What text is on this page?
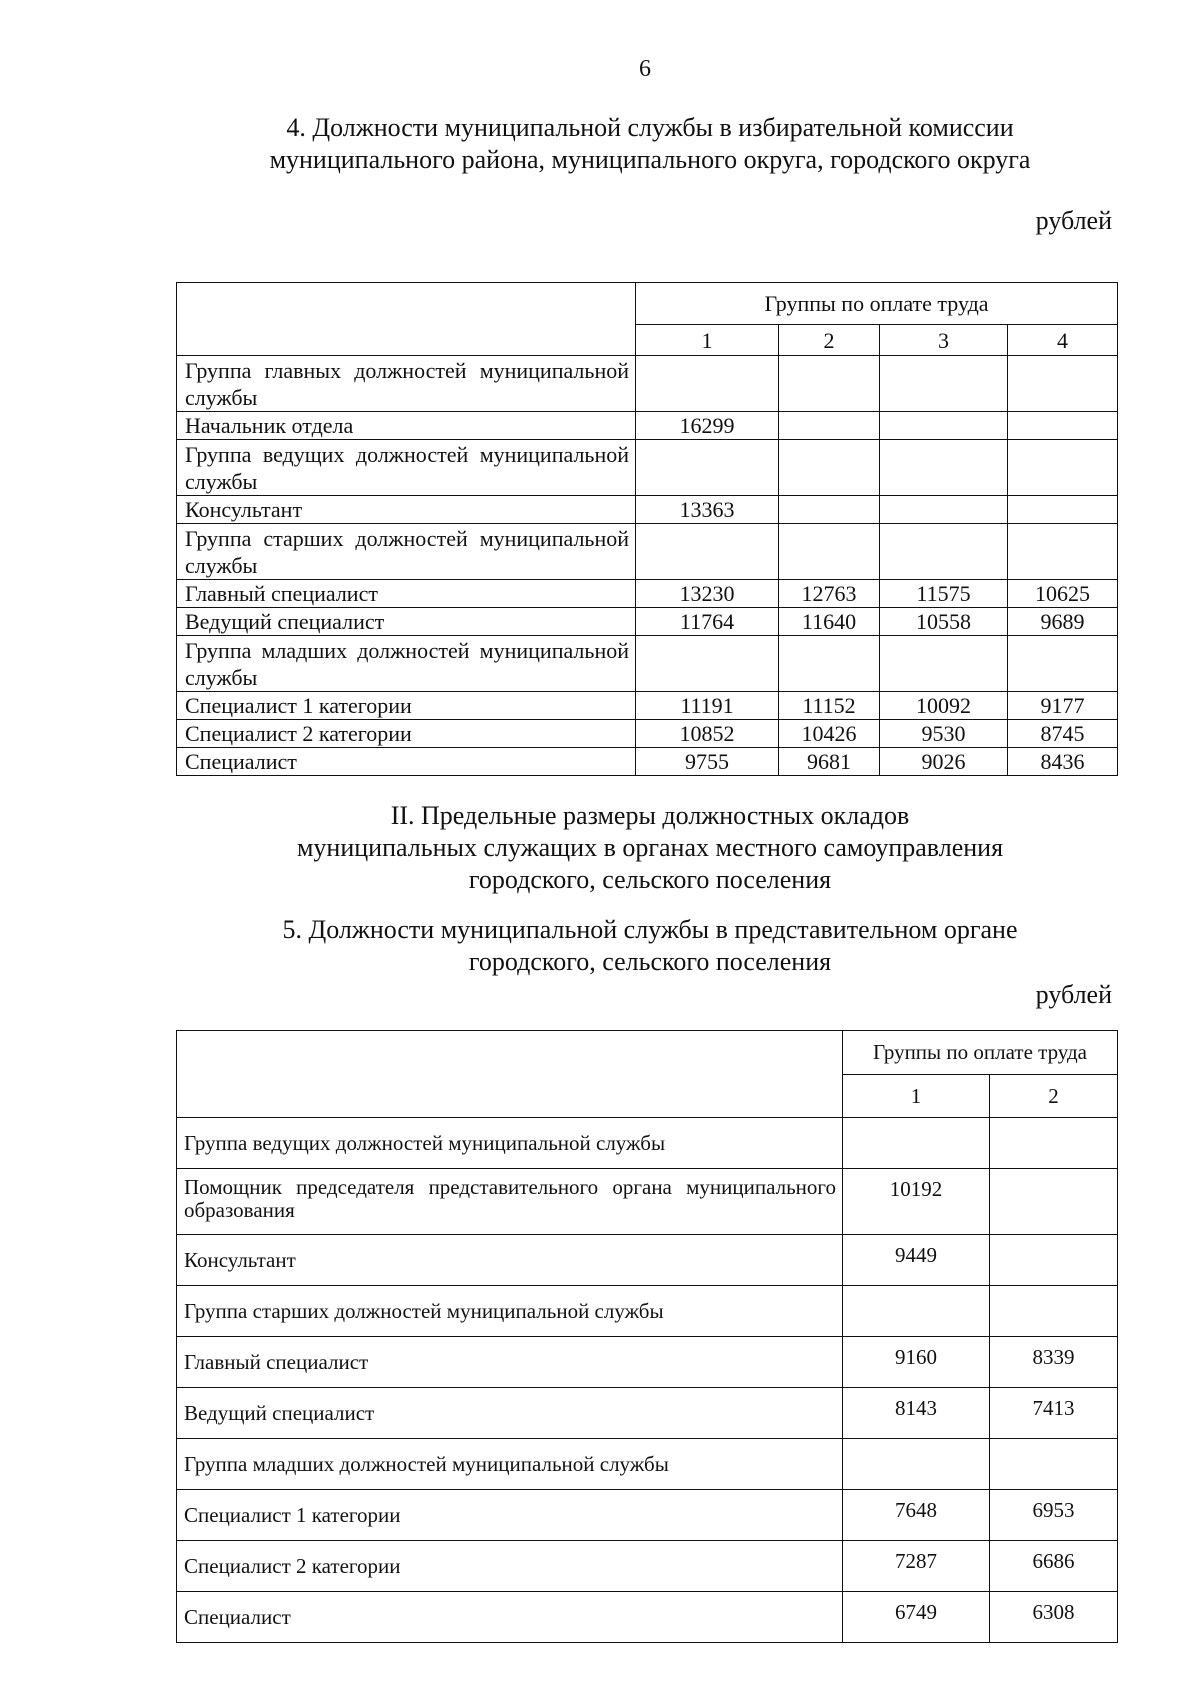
6
4. Должности муниципальной службы в избирательной комиссии
муниципального района, муниципального округа, городского округа
рублей
	Группы по оплате труда			
	1	2	3	4
Группа главных должностей муниципальной службы				
Начальник отдела	16299			
Группа ведущих должностей муниципальной службы				
Консультант	13363			
Группа старших должностей муниципальной службы				
Главный специалист	13230	12763	11575	10625
Ведущий специалист	11764	11640	10558	9689
Группа младших должностей муниципальной службы				
Специалист 1 категории	11191	11152	10092	9177
Специалист 2 категории	10852	10426	9530	8745
Специалист	9755	9681	9026	8436
II. Предельные размеры должностных окладов
муниципальных служащих в органах местного самоуправления
городского, сельского поселения
5. Должности муниципальной службы в представительном органе
городского, сельского поселения
рублей
	Группы по оплате труда	
	1	2
Группа ведущих должностей муниципальной службы		
Помощник председателя представительного органа муниципального образования	10192	
Консультант	9449	
Группа старших должностей муниципальной службы		
Главный специалист	9160	8339
Ведущий специалист	8143	7413
Группа младших должностей муниципальной службы		
Специалист 1 категории	7648	6953
Специалист 2 категории	7287	6686
Специалист	6749	6308
